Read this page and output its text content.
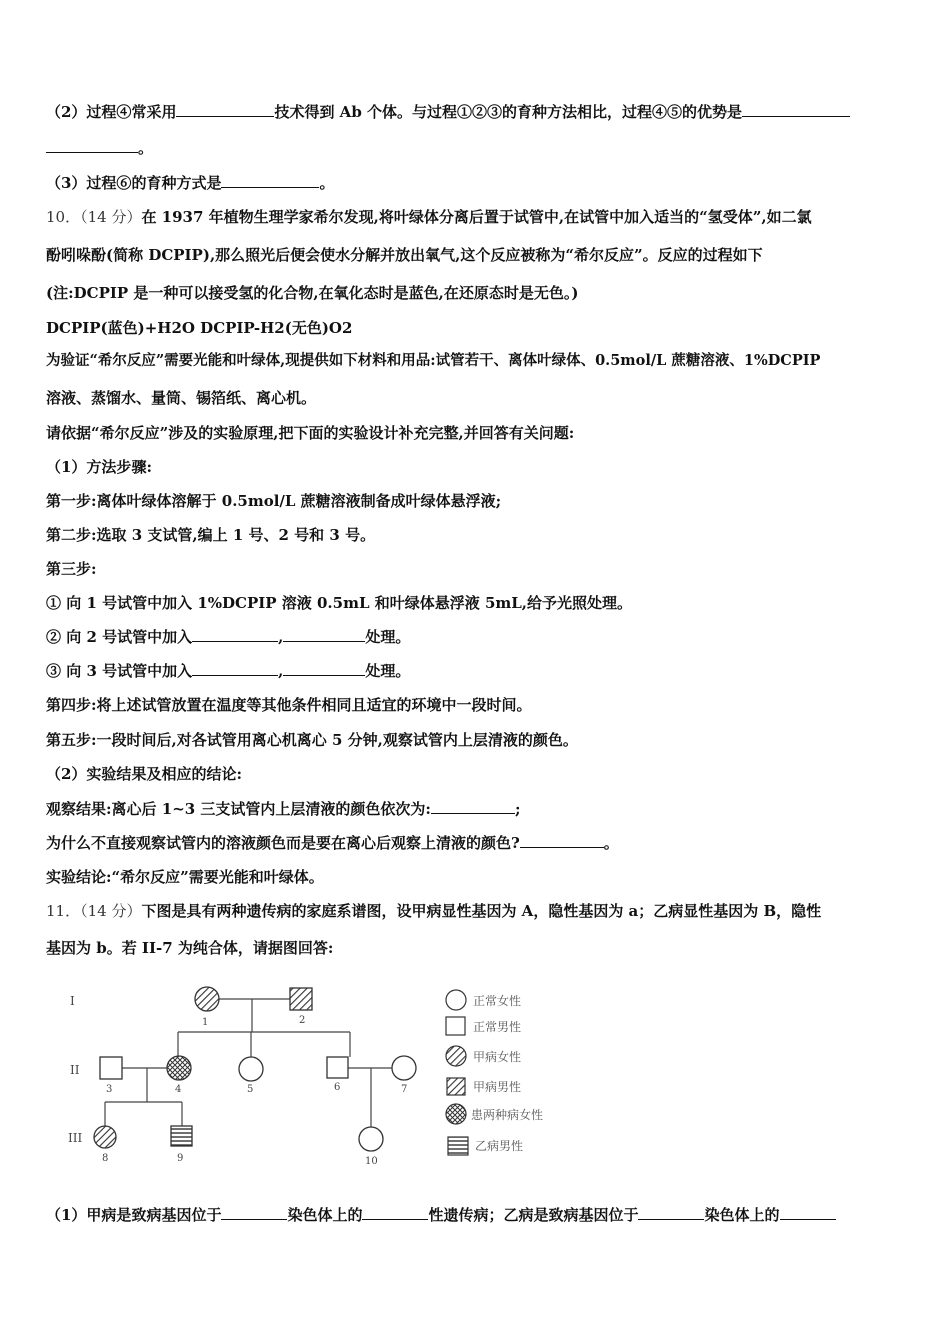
（2）过程④常采用	技术得到 Ab 个体。与过程①②③的育种方法相比，过程④⑤的优势是
。
（3）过程⑥的育种方式是	。
10．（14 分）在 1937 年植物生理学家希尔发现,将叶绿体分离后置于试管中,在试管中加入适当的“氢受体”,如二氯
酚吲哚酚(简称 DCPIP),那么照光后便会使水分解并放出氧气,这个反应被称为“希尔反应”。反应的过程如下
(注:DCPIP 是一种可以接受氢的化合物,在氧化态时是蓝色,在还原态时是无色。)
DCPIP(蓝色)+H2O DCPIP-H2(无色)O2
为验证“希尔反应”需要光能和叶绿体,现提供如下材料和用品:试管若干、离体叶绿体、0.5mol/L 蔗糖溶液、1%DCPIP
溶液、蒸馏水、量筒、锡箔纸、离心机。
请依据“希尔反应”涉及的实验原理,把下面的实验设计补充完整,并回答有关问题:
（1）方法步骤:
第一步:离体叶绿体溶解于 0.5mol/L 蔗糖溶液制备成叶绿体悬浮液;
第二步:选取 3 支试管,编上 1 号、2 号和 3 号。
第三步:
① 向 1 号试管中加入 1%DCPIP 溶液 0.5mL 和叶绿体悬浮液 5mL,给予光照处理。
② 向 2 号试管中加入	,	处理。
③ 向 3 号试管中加入	,	处理。
第四步:将上述试管放置在温度等其他条件相同且适宜的环境中一段时间。
第五步:一段时间后,对各试管用离心机离心 5 分钟,观察试管内上层清液的颜色。
（2）实验结果及相应的结论:
观察结果:离心后 1~3 三支试管内上层清液的颜色依次为:	;
为什么不直接观察试管内的溶液颜色而是要在离心后观察上清液的颜色?	。
实验结论:“希尔反应”需要光能和叶绿体。
11．（14 分）下图是具有两种遗传病的家庭系谱图，设甲病显性基因为 A，隐性基因为 a；乙病显性基因为 B，隐性
基因为 b。若 II-7 为纯合体，请据图回答:
I
II
III
1	2
3	4	5	6	7
8	9	10
正常女性
正常男性
甲病女性
甲病男性
患两种病女性
乙病男性
（1）甲病是致病基因位于	染色体上的	性遗传病；乙病是致病基因位于	染色体上的
